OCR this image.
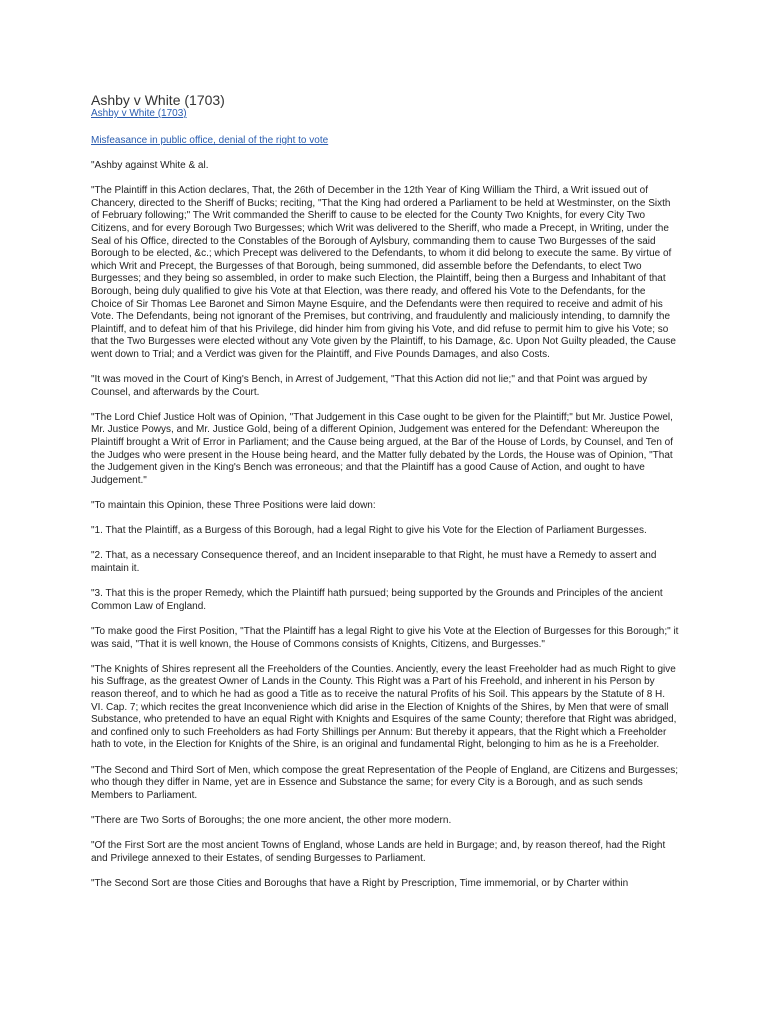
Ashby v White (1703)
Ashby v White (1703)
Misfeasance in public office, denial of the right to vote

"Ashby against White & al.

"The Plaintiff in this Action declares, That, the 26th of December in the 12th Year of King William the Third, a Writ issued out of Chancery, directed to the Sheriff of Bucks; reciting, "That the King had ordered a Parliament to be held at Westminster, on the Sixth of February following;" The Writ commanded the Sheriff to cause to be elected for the County Two Knights, for every City Two Citizens, and for every Borough Two Burgesses; which Writ was delivered to the Sheriff, who made a Precept, in Writing, under the Seal of his Office, directed to the Constables of the Borough of Aylsbury, commanding them to cause Two Burgesses of the said Borough to be elected, &c.; which Precept was delivered to the Defendants, to whom it did belong to execute the same. By virtue of which Writ and Precept, the Burgesses of that Borough, being summoned, did assemble before the Defendants, to elect Two Burgesses; and they being so assembled, in order to make such Election, the Plaintiff, being then a Burgess and Inhabitant of that Borough, being duly qualified to give his Vote at that Election, was there ready, and offered his Vote to the Defendants, for the Choice of Sir Thomas Lee Baronet and Simon Mayne Esquire, and the Defendants were then required to receive and admit of his Vote. The Defendants, being not ignorant of the Premises, but contriving, and fraudulently and maliciously intending, to damnify the Plaintiff, and to defeat him of that his Privilege, did hinder him from giving his Vote, and did refuse to permit him to give his Vote; so that the Two Burgesses were elected without any Vote given by the Plaintiff, to his Damage, &c. Upon Not Guilty pleaded, the Cause went down to Trial; and a Verdict was given for the Plaintiff, and Five Pounds Damages, and also Costs.

"It was moved in the Court of King's Bench, in Arrest of Judgement, "That this Action did not lie;" and that Point was argued by Counsel, and afterwards by the Court.

"The Lord Chief Justice Holt was of Opinion, "That Judgement in this Case ought to be given for the Plaintiff;" but Mr. Justice Powel, Mr. Justice Powys, and Mr. Justice Gold, being of a different Opinion, Judgement was entered for the Defendant: Whereupon the Plaintiff brought a Writ of Error in Parliament; and the Cause being argued, at the Bar of the House of Lords, by Counsel, and Ten of the Judges who were present in the House being heard, and the Matter fully debated by the Lords, the House was of Opinion, "That the Judgement given in the King's Bench was erroneous; and that the Plaintiff has a good Cause of Action, and ought to have Judgement."

"To maintain this Opinion, these Three Positions were laid down:

"1. That the Plaintiff, as a Burgess of this Borough, had a legal Right to give his Vote for the Election of Parliament Burgesses.

"2. That, as a necessary Consequence thereof, and an Incident inseparable to that Right, he must have a Remedy to assert and maintain it.

"3. That this is the proper Remedy, which the Plaintiff hath pursued; being supported by the Grounds and Principles of the ancient Common Law of England.

"To make good the First Position, "That the Plaintiff has a legal Right to give his Vote at the Election of Burgesses for this Borough;" it was said, "That it is well known, the House of Commons consists of Knights, Citizens, and Burgesses."

"The Knights of Shires represent all the Freeholders of the Counties. Anciently, every the least Freeholder had as much Right to give his Suffrage, as the greatest Owner of Lands in the County. This Right was a Part of his Freehold, and inherent in his Person by reason thereof, and to which he had as good a Title as to receive the natural Profits of his Soil. This appears by the Statute of 8 H. VI. Cap. 7; which recites the great Inconvenience which did arise in the Election of Knights of the Shires, by Men that were of small Substance, who pretended to have an equal Right with Knights and Esquires of the same County; therefore that Right was abridged, and confined only to such Freeholders as had Forty Shillings per Annum: But thereby it appears, that the Right which a Freeholder hath to vote, in the Election for Knights of the Shire, is an original and fundamental Right, belonging to him as he is a Freeholder.

"The Second and Third Sort of Men, which compose the great Representation of the People of England, are Citizens and Burgesses; who though they differ in Name, yet are in Essence and Substance the same; for every City is a Borough, and as such sends Members to Parliament.

"There are Two Sorts of Boroughs; the one more ancient, the other more modern.

"Of the First Sort are the most ancient Towns of England, whose Lands are held in Burgage; and, by reason thereof, had the Right and Privilege annexed to their Estates, of sending Burgesses to Parliament.

"The Second Sort are those Cities and Boroughs that have a Right by Prescription, Time immemorial, or by Charter within
